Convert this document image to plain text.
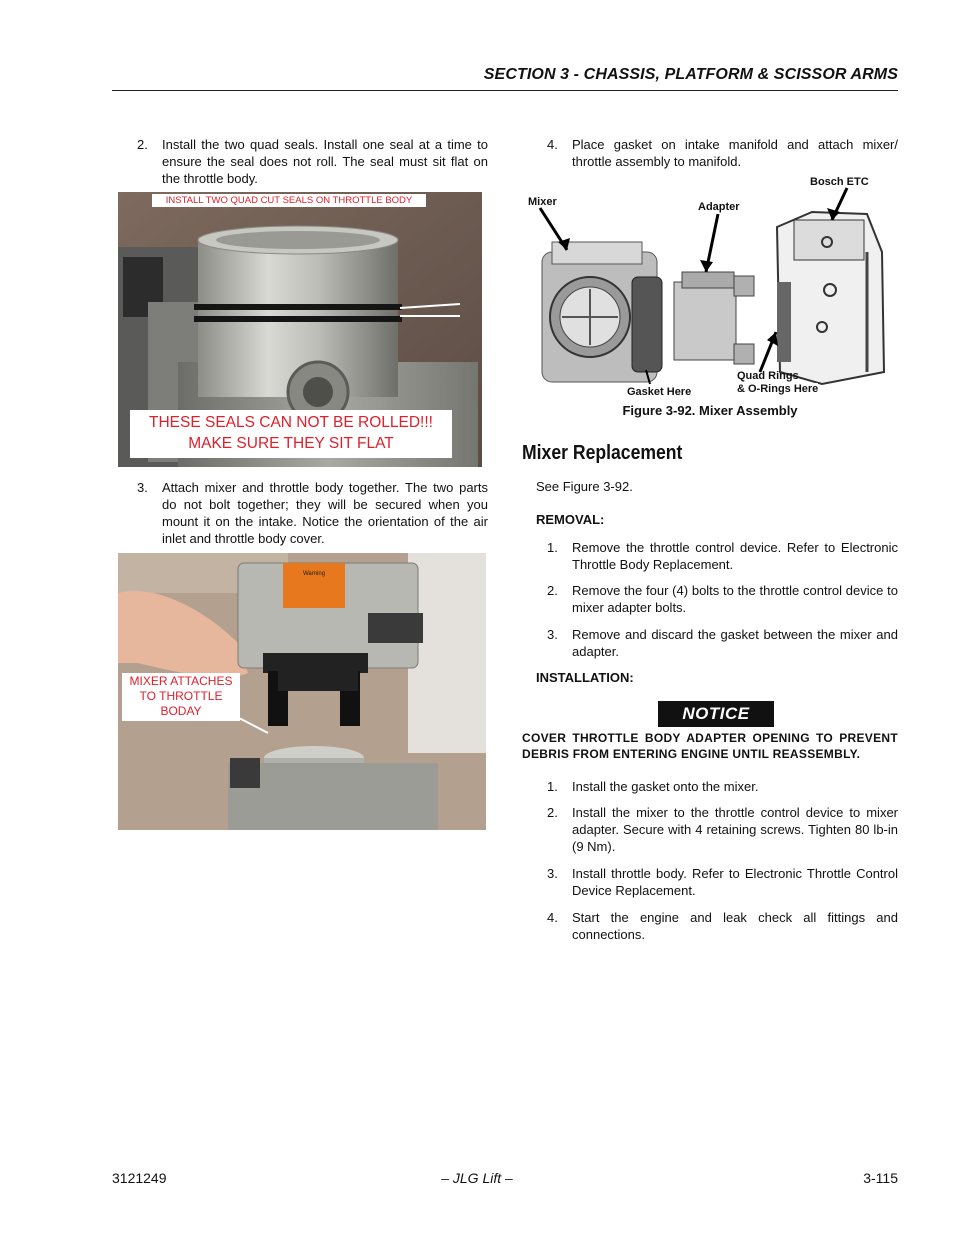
SECTION 3 - CHASSIS, PLATFORM & SCISSOR ARMS
2. Install the two quad seals. Install one seal at a time to ensure the seal does not roll. The seal must sit flat on the throttle body.
INSTALL TWO QUAD CUT SEALS ON THROTTLE BODY
THESE SEALS CAN NOT BE ROLLED!!!
MAKE SURE THEY SIT FLAT
3. Attach mixer and throttle body together. The two parts do not bolt together; they will be secured when you mount it on the intake. Notice the orientation of the air inlet and throttle body cover.
Warning
MIXER ATTACHES
TO THROTTLE
BODAY
4. Place gasket on intake manifold and attach mixer/ throttle assembly to manifold.
Mixer	Adapter
Bosch ETC
Gasket Here
Quad Rings
& O-Rings Here
Figure 3-92. Mixer Assembly
Mixer Replacement
See Figure 3-92.
REMOVAL:
1. Remove the throttle control device. Refer to Electronic Throttle Body Replacement.
2. Remove the four (4) bolts to the throttle control device to mixer adapter bolts.
3. Remove and discard the gasket between the mixer and adapter.
INSTALLATION:
NOTICE
COVER THROTTLE BODY ADAPTER OPENING TO PREVENT DEBRIS FROM ENTERING ENGINE UNTIL REASSEMBLY.
1. Install the gasket onto the mixer.
2. Install the mixer to the throttle control device to mixer adapter. Secure with 4 retaining screws. Tighten 80 lb-in (9 Nm).
3. Install throttle body. Refer to Electronic Throttle Control Device Replacement.
4. Start the engine and leak check all fittings and connections.
3121249	– JLG Lift –	3-115
